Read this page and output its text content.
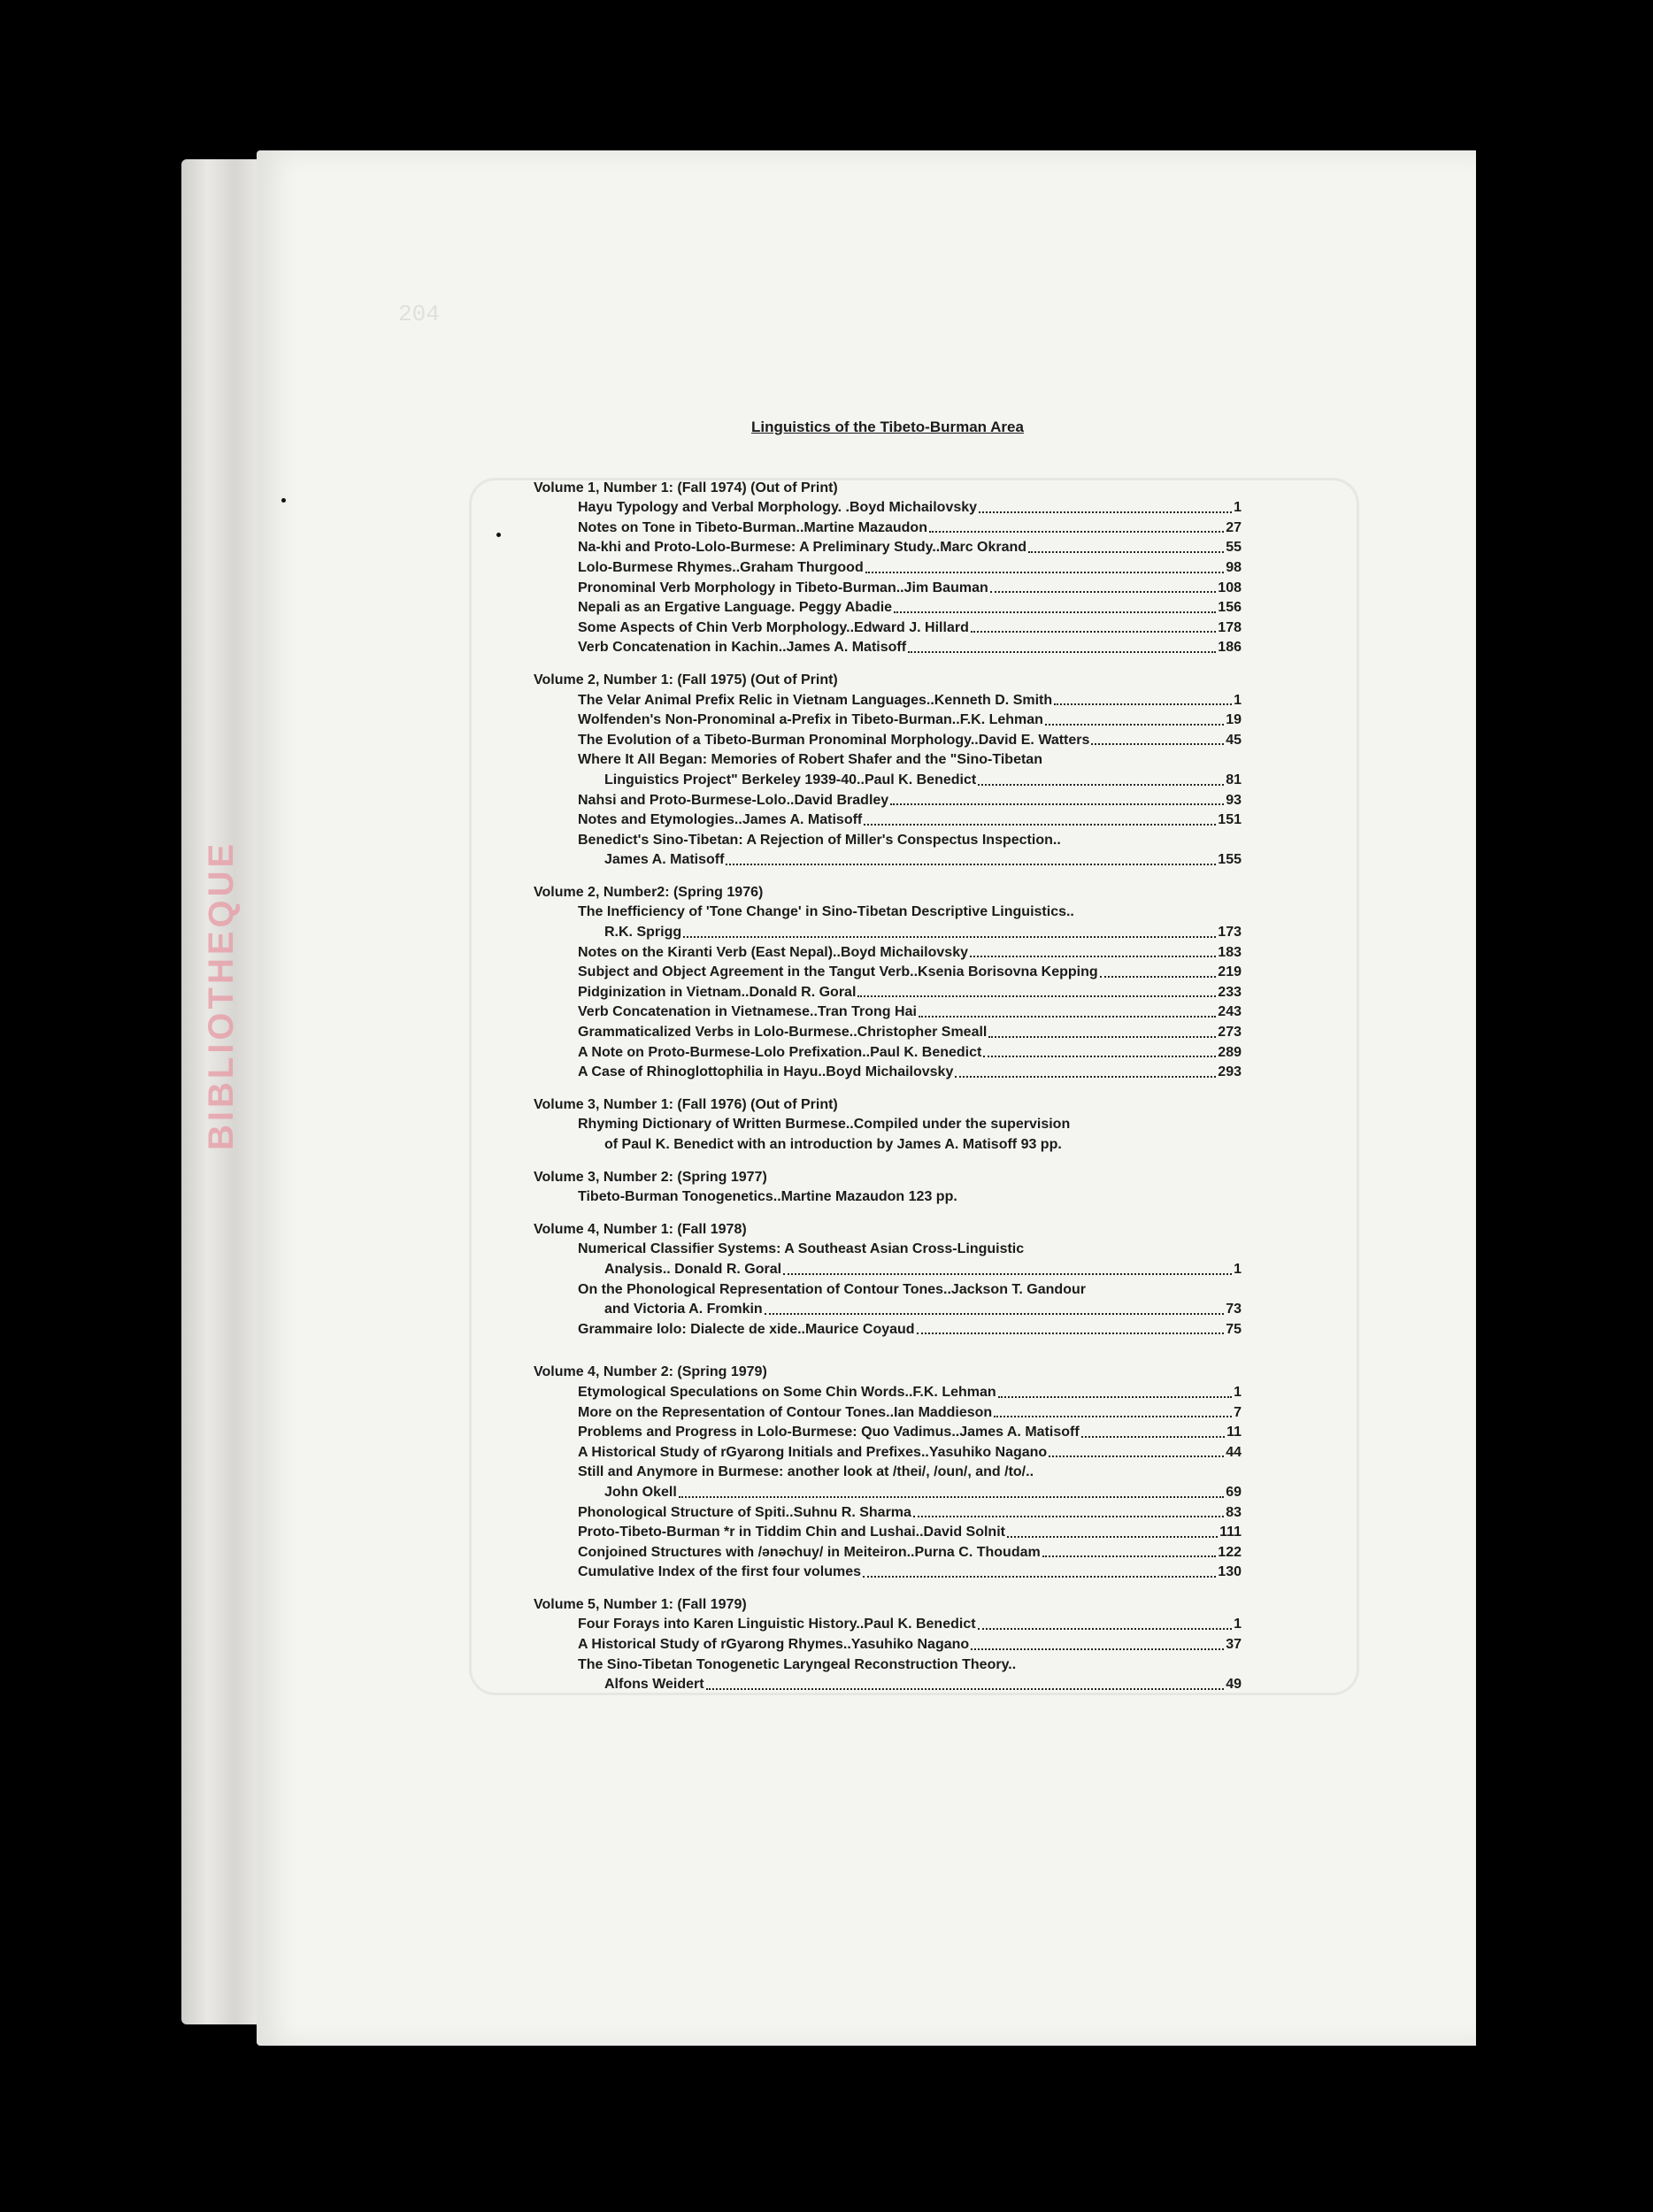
BIBLIOTHEQUE
204
Linguistics of the Tibeto-Burman Area
Volume 1, Number 1: (Fall 1974) (Out of Print)
Hayu Typology and Verbal Morphology. .Boyd Michailovsky	1
Notes on Tone in Tibeto-Burman..Martine Mazaudon	27
Na-khi and Proto-Lolo-Burmese: A Preliminary Study..Marc Okrand	55
Lolo-Burmese Rhymes..Graham Thurgood	98
Pronominal Verb Morphology in Tibeto-Burman..Jim Bauman	108
Nepali as an Ergative Language. Peggy Abadie	156
Some Aspects of Chin Verb Morphology..Edward J. Hillard	178
Verb Concatenation in Kachin..James A. Matisoff	186
Volume 2, Number 1: (Fall 1975) (Out of Print)
The Velar Animal Prefix Relic in Vietnam Languages..Kenneth D. Smith	1
Wolfenden's Non-Pronominal a-Prefix in Tibeto-Burman..F.K. Lehman	19
The Evolution of a Tibeto-Burman Pronominal Morphology..David E. Watters	45
Where It All Began: Memories of Robert Shafer and the "Sino-Tibetan
Linguistics Project" Berkeley 1939-40..Paul K. Benedict	81
Nahsi and Proto-Burmese-Lolo..David Bradley	93
Notes and Etymologies..James A. Matisoff	151
Benedict's Sino-Tibetan: A Rejection of Miller's Conspectus Inspection..
James A. Matisoff	155
Volume 2, Number2: (Spring 1976)
The Inefficiency of 'Tone Change' in Sino-Tibetan Descriptive Linguistics..
R.K. Sprigg	173
Notes on the Kiranti Verb (East Nepal)..Boyd Michailovsky	183
Subject and Object Agreement in the Tangut Verb..Ksenia Borisovna Kepping	219
Pidginization in Vietnam..Donald R. Goral	233
Verb Concatenation in Vietnamese..Tran Trong Hai	243
Grammaticalized Verbs in Lolo-Burmese..Christopher Smeall	273
A Note on Proto-Burmese-Lolo Prefixation..Paul K. Benedict	289
A Case of Rhinoglottophilia in Hayu..Boyd Michailovsky	293
Volume 3, Number 1: (Fall 1976) (Out of Print)
Rhyming Dictionary of Written Burmese..Compiled under the supervision
of Paul K. Benedict with an introduction by James A. Matisoff 93 pp.
Volume 3, Number 2: (Spring 1977)
Tibeto-Burman Tonogenetics..Martine Mazaudon 123 pp.
Volume 4, Number 1: (Fall 1978)
Numerical Classifier Systems: A Southeast Asian Cross-Linguistic
Analysis.. Donald R. Goral	1
On the Phonological Representation of Contour Tones..Jackson T. Gandour
and Victoria A. Fromkin	73
Grammaire lolo: Dialecte de xide..Maurice Coyaud	75
Volume 4, Number 2: (Spring 1979)
Etymological Speculations on Some Chin Words..F.K. Lehman	1
More on the Representation of Contour Tones..Ian Maddieson	7
Problems and Progress in Lolo-Burmese: Quo Vadimus..James A. Matisoff	11
A Historical Study of rGyarong Initials and Prefixes..Yasuhiko Nagano	44
Still and Anymore in Burmese: another look at /thei/, /oun/, and /to/..
John Okell	69
Phonological Structure of Spiti..Suhnu R. Sharma	83
Proto-Tibeto-Burman *r in Tiddim Chin and Lushai..David Solnit	111
Conjoined Structures with /ənəchuy/ in Meiteiron..Purna C. Thoudam	122
Cumulative Index of the first four volumes	130
Volume 5, Number 1: (Fall 1979)
Four Forays into Karen Linguistic History..Paul K. Benedict	1
A Historical Study of rGyarong Rhymes..Yasuhiko Nagano	37
The Sino-Tibetan Tonogenetic Laryngeal Reconstruction Theory..
Alfons Weidert	49
